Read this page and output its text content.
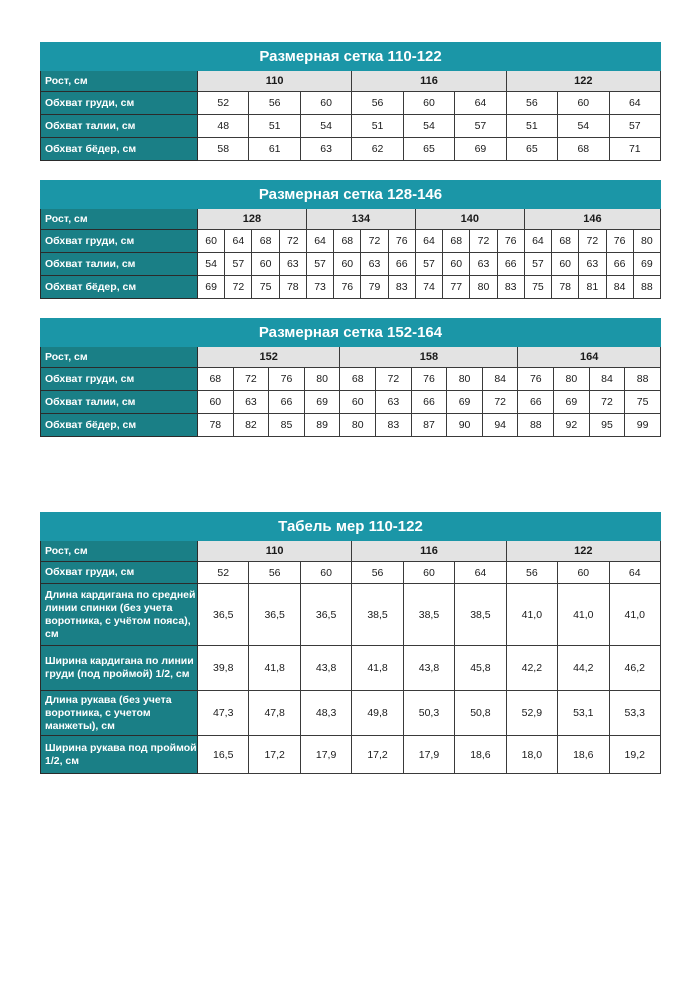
Размерная сетка 110-122									
Рост, см	110			116			122		
Обхват груди, см	52	56	60	56	60	64	56	60	64
Обхват талии, см	48	51	54	51	54	57	51	54	57
Обхват бёдер, см	58	61	63	62	65	69	65	68	71
Размерная сетка 128-146																	
Рост, см	128				134				140				146				
Обхват груди, см	60	64	68	72	64	68	72	76	64	68	72	76	64	68	72	76	80
Обхват талии, см	54	57	60	63	57	60	63	66	57	60	63	66	57	60	63	66	69
Обхват бёдер, см	69	72	75	78	73	76	79	83	74	77	80	83	75	78	81	84	88
Размерная сетка 152-164													
Рост, см	152				158					164			
Обхват груди, см	68	72	76	80	68	72	76	80	84	76	80	84	88
Обхват талии, см	60	63	66	69	60	63	66	69	72	66	69	72	75
Обхват бёдер, см	78	82	85	89	80	83	87	90	94	88	92	95	99
Табель мер 110-122									
Рост, см	110			116			122		
Обхват груди, см	52	56	60	56	60	64	56	60	64
Длина кардигана по средней линии спинки (без учета воротника, с учётом пояса), см	36,5	36,5	36,5	38,5	38,5	38,5	41,0	41,0	41,0
Ширина кардигана по линии груди (под проймой) 1/2, см	39,8	41,8	43,8	41,8	43,8	45,8	42,2	44,2	46,2
Длина рукава (без учета воротника, с учетом манжеты), см	47,3	47,8	48,3	49,8	50,3	50,8	52,9	53,1	53,3
Ширина рукава под проймой 1/2, см	16,5	17,2	17,9	17,2	17,9	18,6	18,0	18,6	19,2
